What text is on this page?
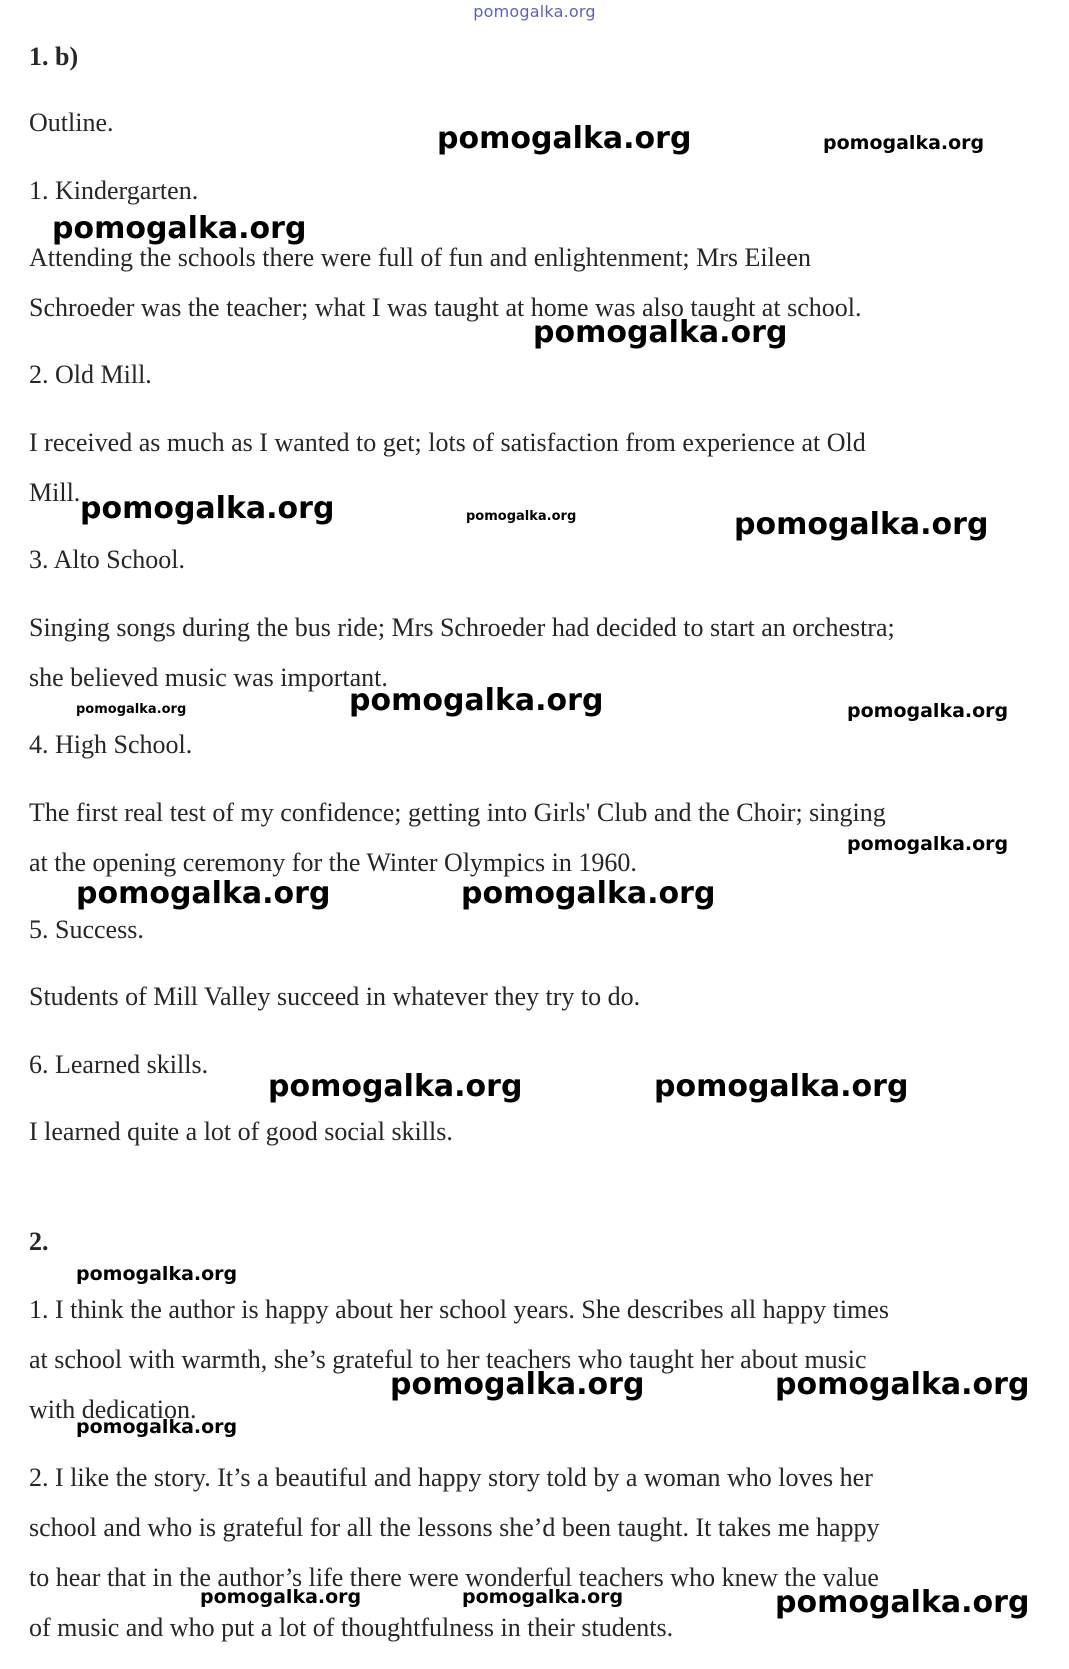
pomogalka.org
1. b)
Outline.
1. Kindergarten.
Attending the schools there were full of fun and enlightenment; Mrs Eileen
Schroeder was the teacher; what I was taught at home was also taught at school.
2. Old Mill.
I received as much as I wanted to get; lots of satisfaction from experience at Old
Mill.
3. Alto School.
Singing songs during the bus ride; Mrs Schroeder had decided to start an orchestra;
she believed music was important.
4. High School.
The first real test of my confidence; getting into Girls' Club and the Choir; singing
at the opening ceremony for the Winter Olympics in 1960.
5. Success.
Students of Mill Valley succeed in whatever they try to do.
6. Learned skills.
I learned quite a lot of good social skills.
2.
1. I think the author is happy about her school years. She describes all happy times
at school with warmth, she’s grateful to her teachers who taught her about music
with dedication.
2. I like the story. It’s a beautiful and happy story told by a woman who loves her
school and who is grateful for all the lessons she’d been taught. It takes me happy
to hear that in the author’s life there were wonderful teachers who knew the value
of music and who put a lot of thoughtfulness in their students.
pomogalka.org	pomogalka.org
pomogalka.org
pomogalka.org
pomogalka.org	pomogalka.org	pomogalka.org
pomogalka.org	pomogalka.org	pomogalka.org
pomogalka.org
pomogalka.org	pomogalka.org
pomogalka.org	pomogalka.org
pomogalka.org
pomogalka.org	pomogalka.org
pomogalka.org
pomogalka.org	pomogalka.org	pomogalka.org
